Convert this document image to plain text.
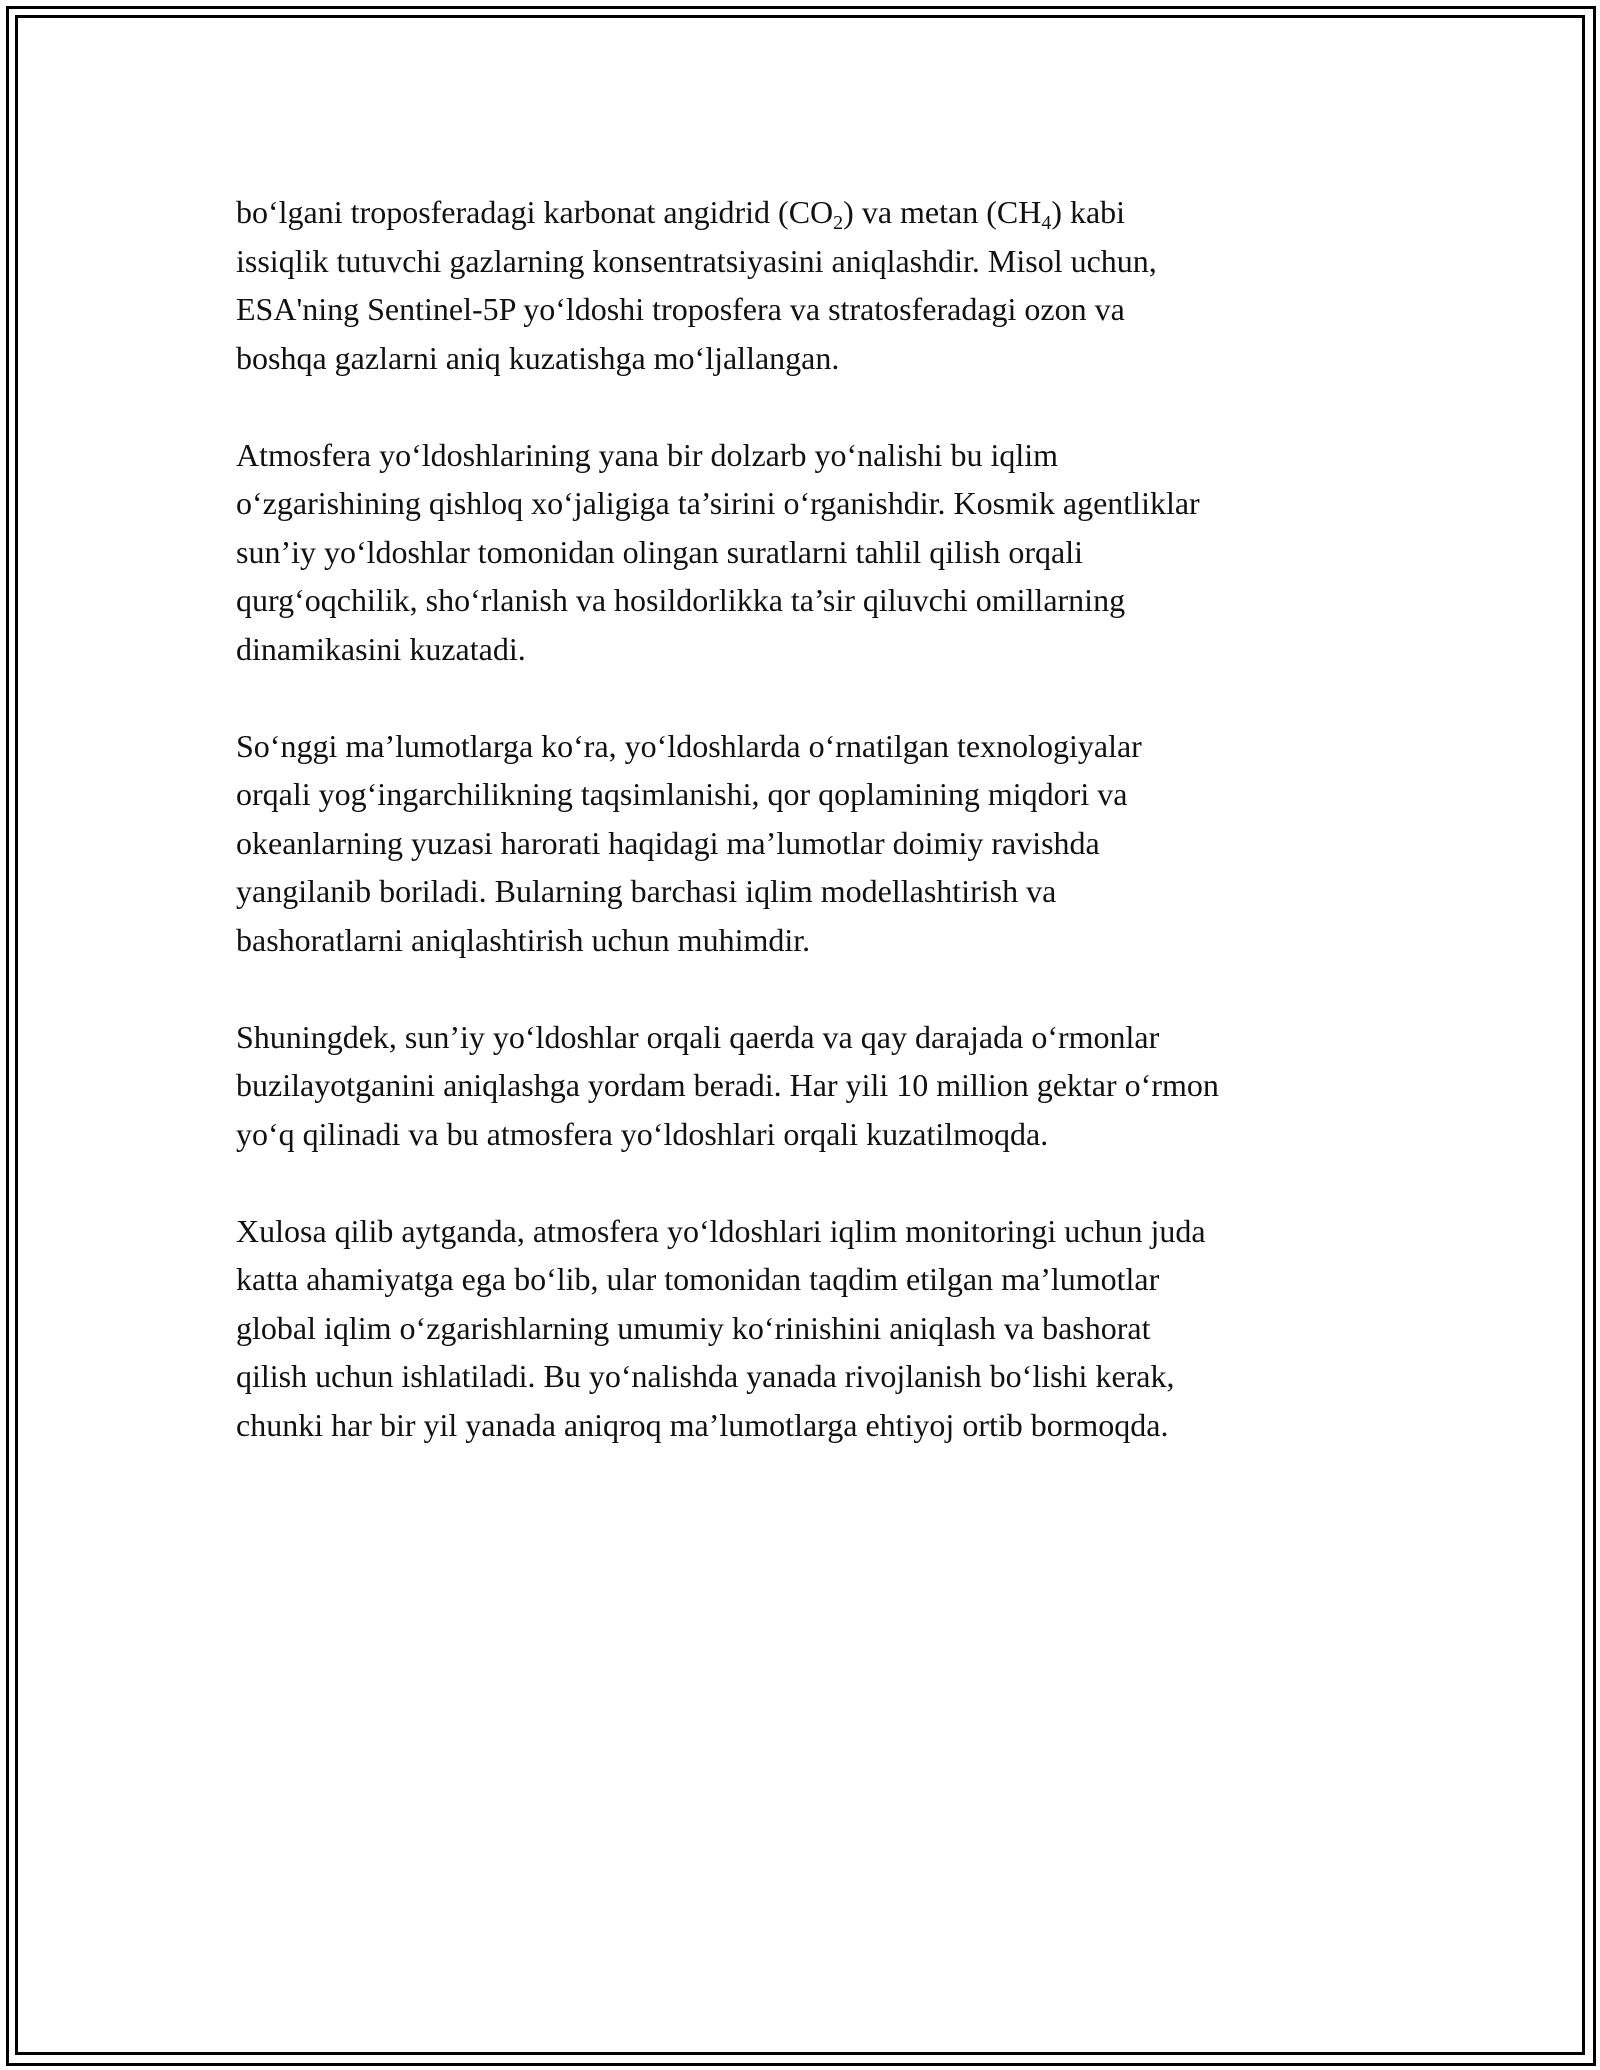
bo‘lgani troposferadagi karbonat angidrid $(CO_2)$ va metan $(CH_4)$ kabi
issiqlik tutuvchi gazlarning konsentratsiyasini aniqlashdir. Misol uchun,
ESA'ning Sentinel-5P yo‘ldoshi troposfera va stratosferadagi ozon va
boshqa gazlarni aniq kuzatishga mo‘ljallangan.

Atmosfera yo‘ldoshlarining yana bir dolzarb yo‘nalishi bu iqlim
o‘zgarishining qishloq xo‘jaligiga ta’sirini o‘rganishdir. Kosmik agentliklar
sun’iy yo‘ldoshlar tomonidan olingan suratlarni tahlil qilish orqali
qurg‘oqchilik, sho‘rlanish va hosildorlikka ta’sir qiluvchi omillarning
dinamikasini kuzatadi.

So‘nggi ma’lumotlarga ko‘ra, yo‘ldoshlarda o‘rnatilgan texnologiyalar
orqali yog‘ingarchilikning taqsimlanishi, qor qoplamining miqdori va
okeanlarning yuzasi harorati haqidagi ma’lumotlar doimiy ravishda
yangilanib boriladi. Bularning barchasi iqlim modellashtirish va
bashoratlarni aniqlashtirish uchun muhimdir.

Shuningdek, sun’iy yo‘ldoshlar orqali qaerda va qay darajada o‘rmonlar
buzilayotganini aniqlashga yordam beradi. Har yili 10 million gektar o‘rmon
yo‘q qilinadi va bu atmosfera yo‘ldoshlari orqali kuzatilmoqda.

Xulosa qilib aytganda, atmosfera yo‘ldoshlari iqlim monitoringi uchun juda
katta ahamiyatga ega bo‘lib, ular tomonidan taqdim etilgan ma’lumotlar
global iqlim o‘zgarishlarning umumiy ko‘rinishini aniqlash va bashorat
qilish uchun ishlatiladi. Bu yo‘nalishda yanada rivojlanish bo‘lishi kerak,
chunki har bir yil yanada aniqroq ma’lumotlarga ehtiyoj ortib bormoqda.
